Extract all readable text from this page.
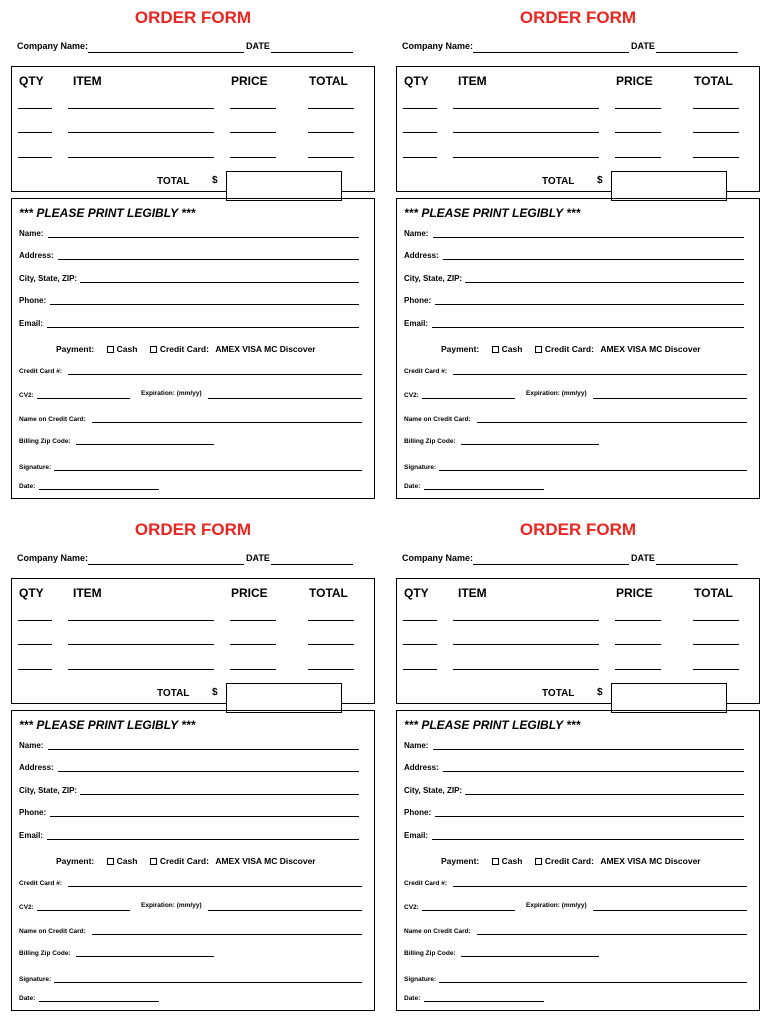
ORDER FORM
Company Name:	DATE
QTY ITEM	PRICE	TOTAL
TOTAL $
*** PLEASE PRINT LEGIBLY ***
Name:
Address:
City, State, ZIP:
Phone:
Email:
Payment:	Cash	Credit Card: AMEX VISA MC Discover
Credit Card #:
CV2:	Expiration: (mm/yy)
Name on Credit Card:
Billing Zip Code:
Signature:
Date:
ORDER FORM
Company Name:	DATE
QTY ITEM	PRICE	TOTAL
TOTAL $
*** PLEASE PRINT LEGIBLY ***
Name:
Address:
City, State, ZIP:
Phone:
Email:
Payment:	Cash	Credit Card: AMEX VISA MC Discover
Credit Card #:
CV2:	Expiration: (mm/yy)
Name on Credit Card:
Billing Zip Code:
Signature:
Date:
ORDER FORM
Company Name:	DATE
QTY ITEM	PRICE	TOTAL
TOTAL $
*** PLEASE PRINT LEGIBLY ***
Name:
Address:
City, State, ZIP:
Phone:
Email:
Payment:	Cash	Credit Card: AMEX VISA MC Discover
Credit Card #:
CV2:	Expiration: (mm/yy)
Name on Credit Card:
Billing Zip Code:
Signature:
Date:
ORDER FORM
Company Name:	DATE
QTY ITEM	PRICE	TOTAL
TOTAL $
*** PLEASE PRINT LEGIBLY ***
Name:
Address:
City, State, ZIP:
Phone:
Email:
Payment:	Cash	Credit Card: AMEX VISA MC Discover
Credit Card #:
CV2:	Expiration: (mm/yy)
Name on Credit Card:
Billing Zip Code:
Signature:
Date:
